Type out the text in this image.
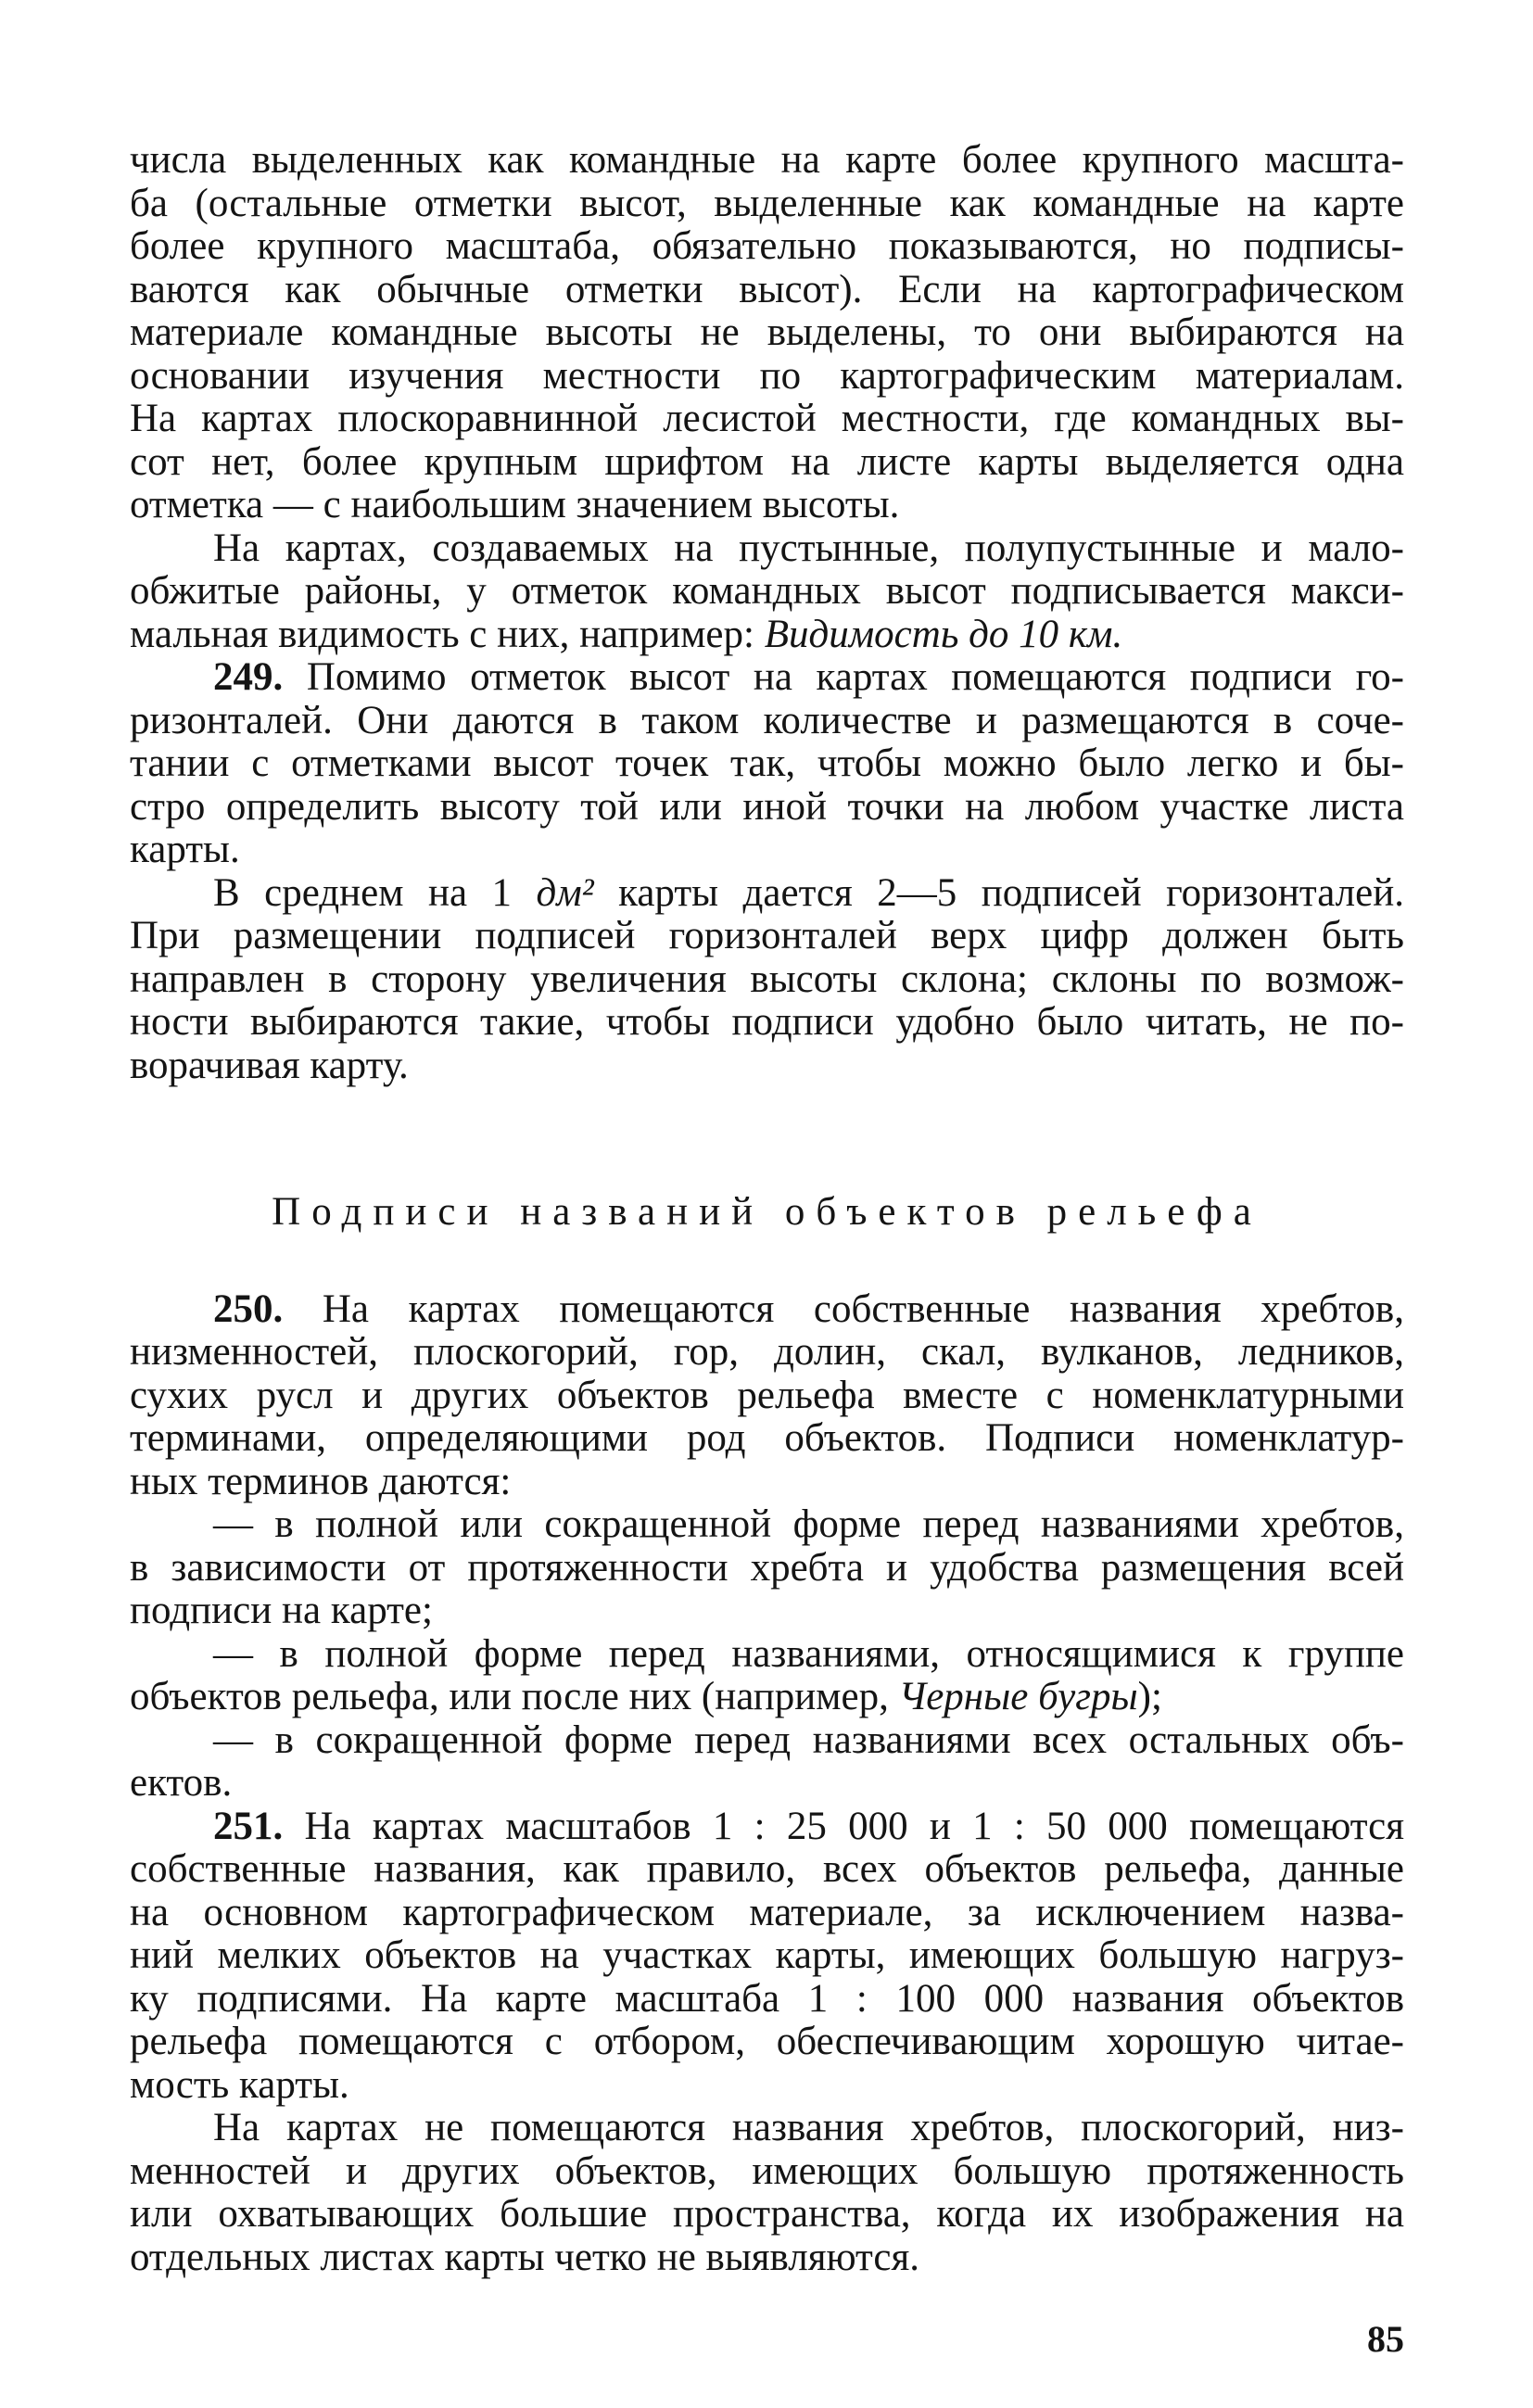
числа выделенных как командные на карте более крупного масшта-
ба (остальные отметки высот, выделенные как командные на карте
более крупного масштаба, обязательно показываются, но подписы-
ваются как обычные отметки высот). Если на картографическом
материале командные высоты не выделены, то они выбираются на
основании изучения местности по картографическим материалам.
На картах плоскоравнинной лесистой местности, где командных вы-
сот нет, более крупным шрифтом на листе карты выделяется одна
отметка — с наибольшим значением высоты.

На картах, создаваемых на пустынные, полупустынные и мало-
обжитые районы, у отметок командных высот подписывается макси-
мальная видимость с них, например: Видимость до 10 км.

249. Помимо отметок высот на картах помещаются подписи го-
ризонталей. Они даются в таком количестве и размещаются в соче-
тании с отметками высот точек так, чтобы можно было легко и бы-
стро определить высоту той или иной точки на любом участке листа
карты.

В среднем на 1 дм² карты дается 2—5 подписей горизонталей.
При размещении подписей горизонталей верх цифр должен быть
направлен в сторону увеличения высоты склона; склоны по возмож-
ности выбираются такие, чтобы подписи удобно было читать, не по-
ворачивая карту.

Подписи названий объектов рельефа

250. На картах помещаются собственные названия хребтов,
низменностей, плоскогорий, гор, долин, скал, вулканов, ледников,
сухих русл и других объектов рельефа вместе с номенклатурными
терминами, определяющими род объектов. Подписи номенклатур-
ных терминов даются:

— в полной или сокращенной форме перед названиями хребтов,
в зависимости от протяженности хребта и удобства размещения всей
подписи на карте;

— в полной форме перед названиями, относящимися к группе
объектов рельефа, или после них (например, Черные бугры);

— в сокращенной форме перед названиями всех остальных объ-
ектов.

251. На картах масштабов 1 : 25 000 и 1 : 50 000 помещаются
собственные названия, как правило, всех объектов рельефа, данные
на основном картографическом материале, за исключением назва-
ний мелких объектов на участках карты, имеющих большую нагруз-
ку подписями. На карте масштаба 1 : 100 000 названия объектов
рельефа помещаются с отбором, обеспечивающим хорошую читае-
мость карты.

На картах не помещаются названия хребтов, плоскогорий, низ-
менностей и других объектов, имеющих большую протяженность
или охватывающих большие пространства, когда их изображения на
отдельных листах карты четко не выявляются.

85
